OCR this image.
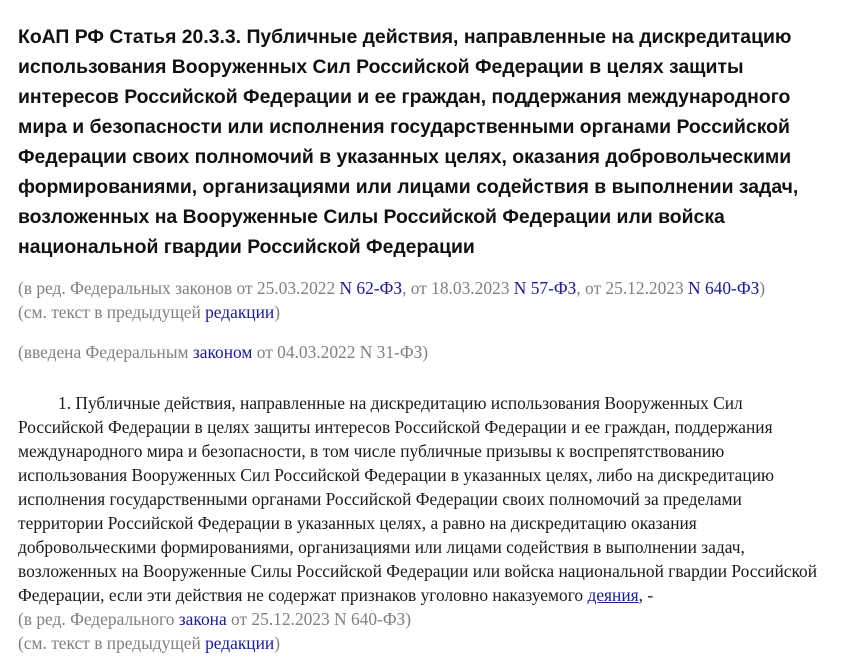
КоАП РФ Статья 20.3.3. Публичные действия, направленные на дискредитацию использования Вооруженных Сил Российской Федерации в целях защиты интересов Российской Федерации и ее граждан, поддержания международного мира и безопасности или исполнения государственными органами Российской Федерации своих полномочий в указанных целях, оказания добровольческими формированиями, организациями или лицами содействия в выполнении задач, возложенных на Вооруженные Силы Российской Федерации или войска национальной гвардии Российской Федерации

(в ред. Федеральных законов от 25.03.2022 N 62-ФЗ, от 18.03.2023 N 57-ФЗ, от 25.12.2023 N 640-ФЗ)

(см. текст в предыдущей редакции)

(введена Федеральным законом от 04.03.2022 N 31-ФЗ)

1. Публичные действия, направленные на дискредитацию использования Вооруженных Сил Российской Федерации в целях защиты интересов Российской Федерации и ее граждан, поддержания международного мира и безопасности, в том числе публичные призывы к воспрепятствованию использования Вооруженных Сил Российской Федерации в указанных целях, либо на дискредитацию исполнения государственными органами Российской Федерации своих полномочий за пределами территории Российской Федерации в указанных целях, а равно на дискредитацию оказания добровольческими формированиями, организациями или лицами содействия в выполнении задач, возложенных на Вооруженные Силы Российской Федерации или войска национальной гвардии Российской Федерации, если эти действия не содержат признаков уголовно наказуемого деяния, -

(в ред. Федерального закона от 25.12.2023 N 640-ФЗ)

(см. текст в предыдущей редакции)
